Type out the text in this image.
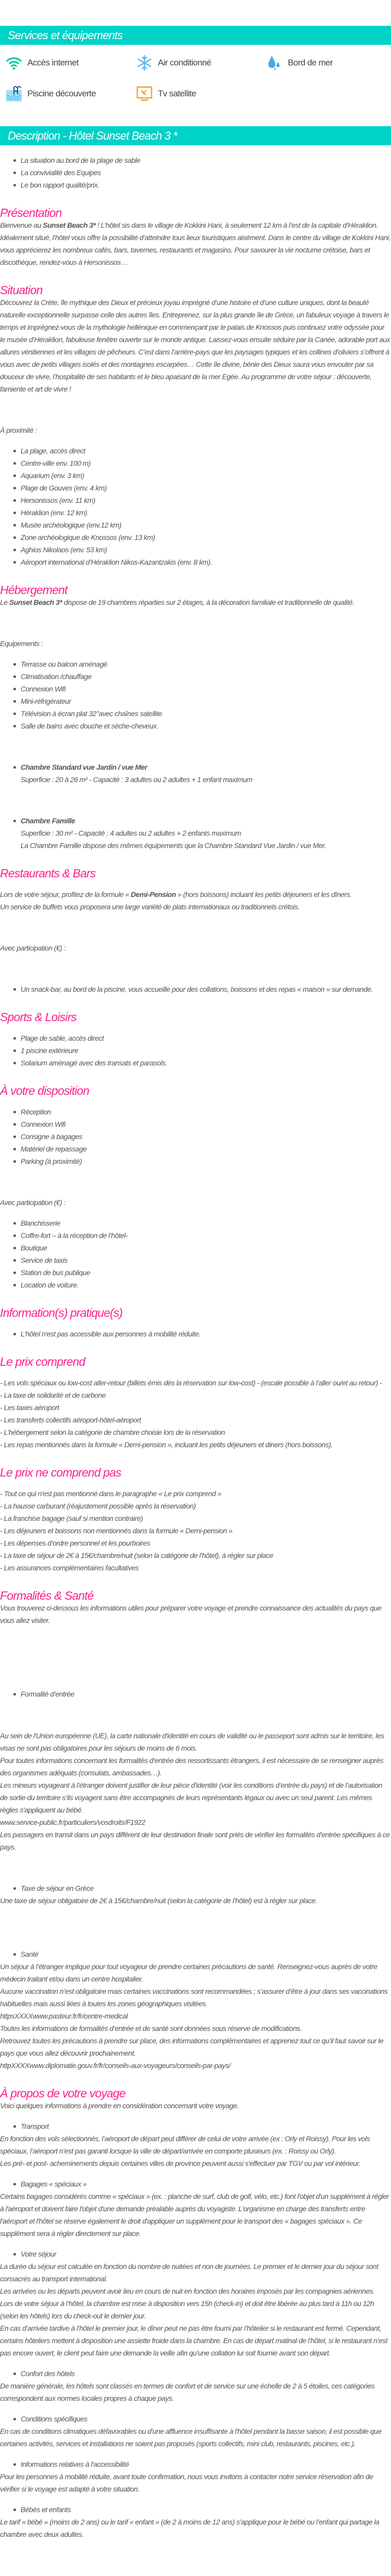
Services et équipements
Accès internet	Air conditionné	Bord de mer
Piscine découverte	Tv satellite
Description - Hôtel Sunset Beach 3 *
La situation au bord de la plage de sable
La convivialité des Equipes
Le bon rapport qualité/prix.
Présentation

Bienvenue au Sunset Beach 3* ! L’hôtel sis dans le village de Kokkini Hani, à seulement 12 km à l’est de la capitale d’Héraklion. Idéalement situé, l’hôtel vous offre la possibilité d’atteindre tous lieux touristiques aisément. Dans le centre du village de Kokkini Hani, vous apprécierez les nombreux cafés, bars, tavernes, restaurants et magasins. Pour savourer la vie nocturne crétoise, bars et discothèque, rendez-vous à Hersonissos…

Situation

Découvrez la Crète, île mythique des Dieux et précieux joyau imprégné d’une histoire et d’une culture uniques, dont la beauté naturelle exceptionnelle surpasse celle des autres îles. Entreprenez, sur la plus grande île de Grèce, un fabuleux voyage à travers le temps et imprégnez-vous de la mythologie hellénique en commençant par le palais de Knossos puis continuez votre odyssée pour le musée d’Héraklion, fabuleuse fenêtre ouverte sur le monde antique. Laissez-vous ensuite séduire par la Canée, adorable port aux allures vénitiennes et les villages de pêcheurs. C’est dans l’arrière-pays que les paysages typiques et les collines d’oliviers s’offrent à vous avec de petits villages isolés et des montagnes escarpées… Cette île divine, bénie des Dieux saura vous envouter par sa douceur de vivre, l’hospitalité de ses habitants et le bleu apaisant de la mer Egée. Au programme de votre séjour : découverte, farniente et art de vivre !

À proximité :

La plage, accès direct
Centre-ville env. 100 m)
Aquarium (env. 3 km)
Plage de Gouves (env. 4 km)
Hersonissos (env. 11 km)
Héraklion (env. 12 km)
Musée archéologique (env.12 km)
Zone archéologique de Knossos (env. 13 km)
Aghios Nikolaos (env. 53 km)
Aéroport international d’Héraklion Nikos-Kazantzakis (env. 8 km).
Hébergement

Le Sunset Beach 3* dispose de 19 chambres réparties sur 2 étages, à la décoration familiale et traditionnelle de qualité.

Equipements :

Terrasse ou balcon aménagé
Climatisation /chauffage
Connexion Wifi
Mini-réfrigérateur
Télévision à écran plat 32’’avec chaînes satellite
Salle de bains avec douche et sèche-cheveux.
Chambre Standard vue Jardin / vue Mer
Superficie : 20 à 26 m² - Capacité : 3 adultes ou 2 adultes + 1 enfant maximum
Chambre Famille
Superficie : 30 m² - Capacité : 4 adultes ou 2 adultes + 2 enfants maximum
La Chambre Famille dispose des mêmes équipements que la Chambre Standard Vue Jardin / vue Mer.
Restaurants & Bars
Lors de votre séjour, profitez de la formule « Demi-Pension » (hors boissons) incluant les petits déjeuners et les dîners.
Un service de buffets vous proposera une large variété de plats internationaux ou traditionnels crétois.

Avec participation (€) :

Un snack-bar, au bord de la piscine, vous accueille pour des collations, boissons et des repas « maison » sur demande.
Sports & Loisirs
Plage de sable, accès direct
1 piscine extérieure
Solarium aménagé avec des transats et parasols.
À votre disposition
Réception
Connexion Wifi
Consigne à bagages
Matériel de repassage
Parking (à proximité)

Avec participation (€) :

Blanchisserie
Coffre-fort – à la réception de l’hôtel-
Boutique
Service de taxis
Station de bus publique
Location de voiture.
Information(s) pratique(s)
L'hôtel n'est pas accessible aux personnes à mobilité réduite.
Le prix comprend
- Les vols spéciaux ou low-cost aller-retour (billets émis dès la réservation sur low-cost) - (escale possible à l’aller ou/et au retour) -
- La taxe de solidarité et de carbone
- Les taxes aéroport
- Les transferts collectifs aéroport-hôtel-aéroport
- L’hébergement selon la catégorie de chambre choisie lors de la réservation
- Les repas mentionnés dans la formule « Demi-pension », incluant les petits déjeuners et diners (hors boissons).
Le prix ne comprend pas
- Tout ce qui n'est pas mentionné dans le paragraphe « Le prix comprend »
- La hausse carburant (réajustement possible après la réservation)
- La franchise bagage (sauf si mention contraire)
- Les déjeuners et boissons non mentionnés dans la formule « Demi-pension »
- Les dépenses d’ordre personnel et les pourboires
- La taxe de séjour de 2€ à 15€/chambre/nuit (selon la catégorie de l’hôtel), à régler sur place
- Les assurances complémentaires facultatives
Formalités & Santé

Vous trouverez ci-dessous les informations utiles pour préparer votre voyage et prendre connaissance des actualités du pays que vous allez visiter.

Formalité d’entrée

Au sein de l'Union européenne (UE), la carte nationale d'identité en cours de validité ou le passeport sont admis sur le territoire, les visas ne sont pas obligatoires pour les séjours de moins de 6 mois.

Pour toutes informations concernant les formalités d’entrée des ressortissants étrangers, il est nécessaire de se renseigner auprès des organismes adéquats (consulats, ambassades…).

Les mineurs voyageant à l’étranger doivent justifier de leur pièce d’identité (voir les conditions d’entrée du pays) et de l’autorisation de sortie du territoire s’ils voyagent sans être accompagnés de leurs représentants légaux ou avec un seul parent. Les mêmes règles s'appliquent au bébé.

www.service-public.fr/particuliers/vosdroits/F1922

Les passagers en transit dans un pays différent de leur destination finale sont priés de vérifier les formalités d'entrée spécifiques à ce pays.

Taxe de séjour en Grèce

Une taxe de séjour obligatoire de 2€ à 15€/chambre/nuit (selon la catégorie de l’hôtel) est à régler sur place.

Santé

Un séjour à l’étranger implique pour tout voyageur de prendre certaines précautions de santé. Renseignez-vous auprès de votre médecin traitant et/ou dans un centre hospitalier.

Aucune vaccination n’est obligatoire mais certaines vaccinations sont recommandées ; s’assurer d’être à jour dans ses vaccinations habituelles mais aussi liées à toutes les zones géographiques visitées.

httpsXXXXwww.pasteur.fr/fr/centre-medical

Toutes les informations de formalités d’entrée et de santé sont données sous réserve de modifications.

Retrouvez toutes les précautions à prendre sur place, des informations complémentaires et apprenez tout ce qu’il faut savoir sur le pays que vous allez découvrir prochainement.

httpXXXXwww.diplomatie.gouv.fr/fr/conseils-aux-voyageurs/conseils-par-pays/

À propos de votre voyage

Voici quelques informations à prendre en considération concernant votre voyage.

Transport

En fonction des vols sélectionnés, l’aéroport de départ peut différer de celui de votre arrivée (ex : Orly et Roissy). Pour les vols spéciaux, l’aéroport n’est pas garanti lorsque la ville de départ/arrivée en comporte plusieurs (ex. : Roissy ou Orly).

Les pré- et post- acheminements depuis certaines villes de province peuvent aussi s'effectuer par TGV ou par vol intérieur.

Bagages « spéciaux »

Certains bagages considérés comme « spéciaux » (ex. : planche de surf, club de golf, vélo, etc.) font l'objet d'un supplément à régler à l'aéroport et doivent faire l'objet d'une demande préalable auprès du voyagiste. L'organisme en charge des transferts entre l'aéroport et l'hôtel se réserve également le droit d'appliquer un supplément pour le transport des « bagages spéciaux ». Ce supplément sera à régler directement sur place.

Votre séjour

La durée du séjour est calculée en fonction du nombre de nuitées et non de journées. Le premier et le dernier jour du séjour sont consacrés au transport international.

Les arrivées ou les départs peuvent avoir lieu en cours de nuit en fonction des horaires imposés par les compagnies aériennes.

Lors de votre séjour à l’hôtel, la chambre est mise à disposition vers 15h (check-in) et doit être libérée au plus tard à 11h ou 12h (selon les hôtels) lors du check-out le dernier jour.

En cas d’arrivée tardive à l’hôtel le premier jour, le dîner peut ne pas être fourni par l’hôtelier si le restaurant est fermé. Cependant, certains hôteliers mettent à disposition une assiette froide dans la chambre. En cas de départ matinal de l’hôtel, si le restaurant n’est pas encore ouvert, le client peut faire une demande la veille afin qu’une collation lui soit fournie avant son départ.

Confort des hôtels

De manière générale, les hôtels sont classés en termes de confort et de service sur une échelle de 2 à 5 étoiles, ces catégories correspondent aux normes locales propres à chaque pays.

Conditions spécifiques

En cas de conditions climatiques défavorables ou d'une affluence insuffisante à l'hôtel pendant la basse saison, il est possible que certaines activités, services et installations ne soient pas proposés (sports collectifs, mini club, restaurants, piscines, etc.).

Informations relatives à l'accessibilité

Pour les personnes à mobilité réduite, avant toute confirmation, nous vous invitons à contacter notre service réservation afin de vérifier si le voyage est adapté à votre situation.

Bébés et enfants

Le tarif « bébé » (moins de 2 ans) ou le tarif « enfant » (de 2 à moins de 12 ans) s’applique pour le bébé ou l’enfant qui partage la chambre avec deux adultes.
